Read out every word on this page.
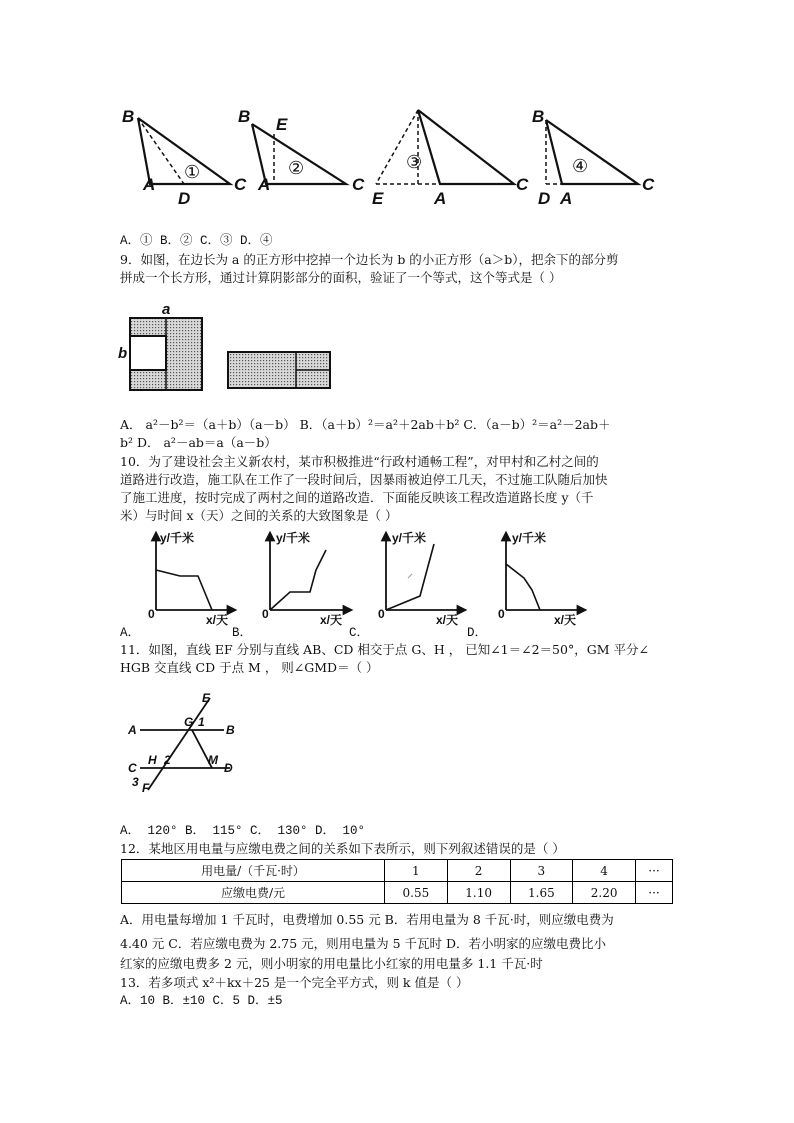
B
A
D
C
①
B E
A	C
②
E	A
C
③
B
D A
C
④
A．① B．② C．③ D．④
9．如图，在边长为 a 的正方形中挖掉一个边长为 b 的小正方形（a＞b），把余下的部分剪
拼成一个长方形，通过计算阴影部分的面积，验证了一个等式，这个等式是（ ）
a
b
A． a²－b²＝（a＋b）（a－b） B．（a＋b）²＝a²＋2ab＋b² C．（a－b）²＝a²－2ab＋
b² D． a²－ab＝a（a－b）
10．为了建设社会主义新农村，某市积极推进“行政村通畅工程”，对甲村和乙村之间的
道路进行改造，施工队在工作了一段时间后，因暴雨被迫停工几天，不过施工队随后加快
了施工进度，按时完成了两村之间的道路改造．下面能反映该工程改造道路长度 y（千
米）与时间 x（天）之间的关系的大致图象是（ ）
y/千米
x/天
0
y/千米
x/天
0
y/千米
x/天
0
y/千米
x/天
0
A．	B．	C．	D．
11．如图，直线 EF 分别与直线 AB、CD 相交于点 G、H ， 已知∠1＝∠2＝50°，GM 平分∠
HGB 交直线 CD 于点 M ， 则∠GMD＝（ ）
E
A	B
G 1
H 2	M
C	D
3 F
A． 120° B． 115° C． 130° D． 10°
12．某地区用电量与应缴电费之间的关系如下表所示，则下列叙述错误的是（ ）
用电量/（千瓦·时）	1	2	3	4	···
应缴电费/元	0.55	1.10	1.65	2.20	···
A．用电量每增加 1 千瓦时，电费增加 0.55 元 B．若用电量为 8 千瓦·时，则应缴电费为
4.40 元 C．若应缴电费为 2.75 元，则用电量为 5 千瓦时 D．若小明家的应缴电费比小
红家的应缴电费多 2 元，则小明家的用电量比小红家的用电量多 1.1 千瓦·时
13．若多项式 x²＋kx＋25 是一个完全平方式，则 k 值是（ ）
A．10 B．±10 C．5 D．±5
